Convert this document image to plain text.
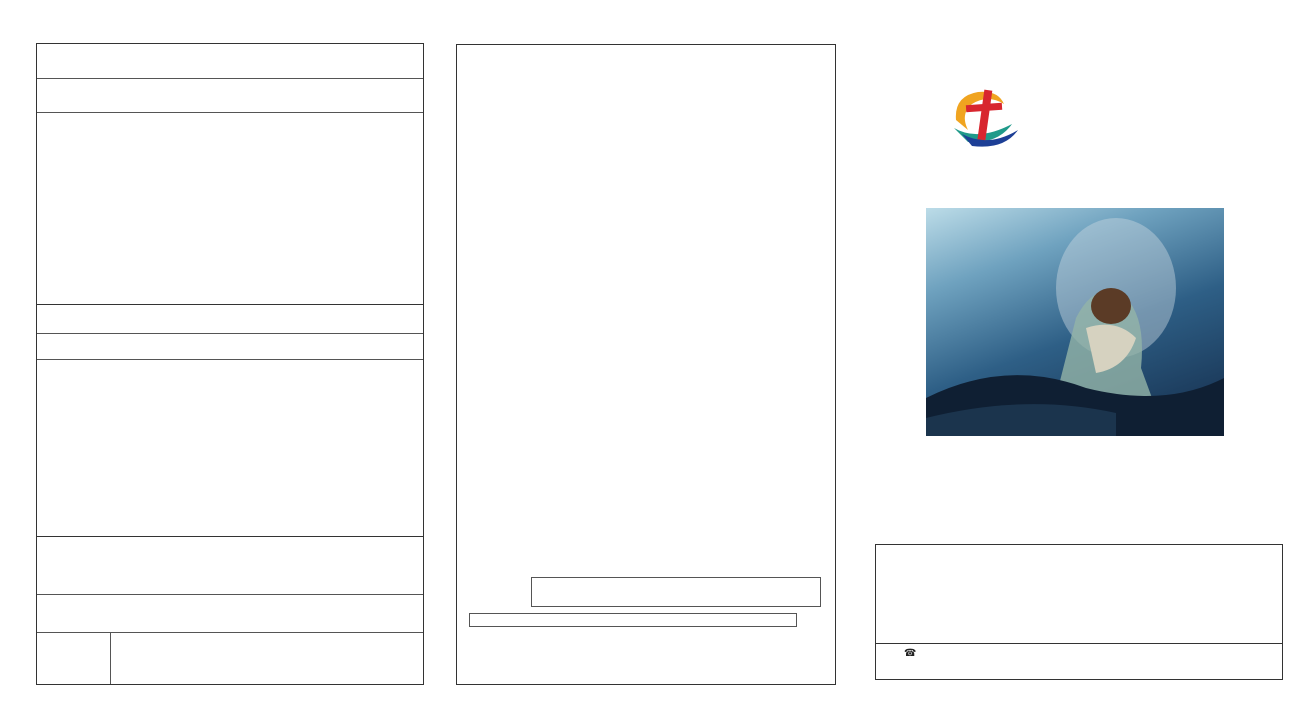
☎
